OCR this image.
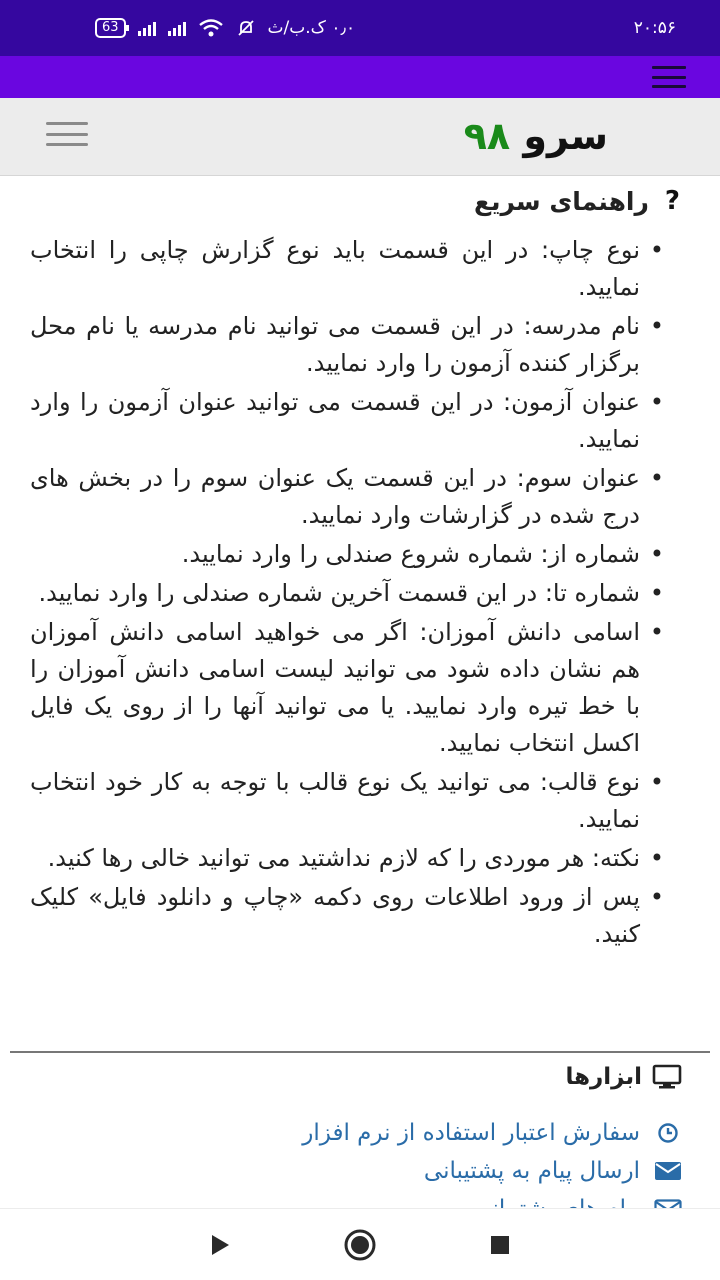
63	۰٫۰ ک.ب/ث	۲۰:۵۶
سرو ۹۸
?
راهنمای سریع
• نوع چاپ: در این قسمت باید نوع گزارش چاپی را انتخاب نمایید.
• نام مدرسه: در این قسمت می توانید نام مدرسه یا نام محل برگزار کننده آزمون را وارد نمایید.
• عنوان آزمون: در این قسمت می توانید عنوان آزمون را وارد نمایید.
• عنوان سوم: در این قسمت یک عنوان سوم را در بخش های درج شده در گزارشات وارد نمایید.
• شماره از: شماره شروع صندلی را وارد نمایید.
• شماره تا: در این قسمت آخرین شماره صندلی را وارد نمایید.
• اسامی دانش آموزان: اگر می خواهید اسامی دانش آموزان هم نشان داده شود می توانید لیست اسامی دانش آموزان را با خط تیره وارد نمایید. یا می توانید آنها را از روی یک فایل اکسل انتخاب نمایید.
• نوع قالب: می توانید یک نوع قالب با توجه به کار خود انتخاب نمایید.
• نکته: هر موردی را که لازم نداشتید می توانید خالی رها کنید.
• پس از ورود اطلاعات روی دکمه «چاپ و دانلود فایل» کلیک کنید.
ابزارها
سفارش اعتبار استفاده از نرم افزار
ارسال پیام به پشتیبانی
